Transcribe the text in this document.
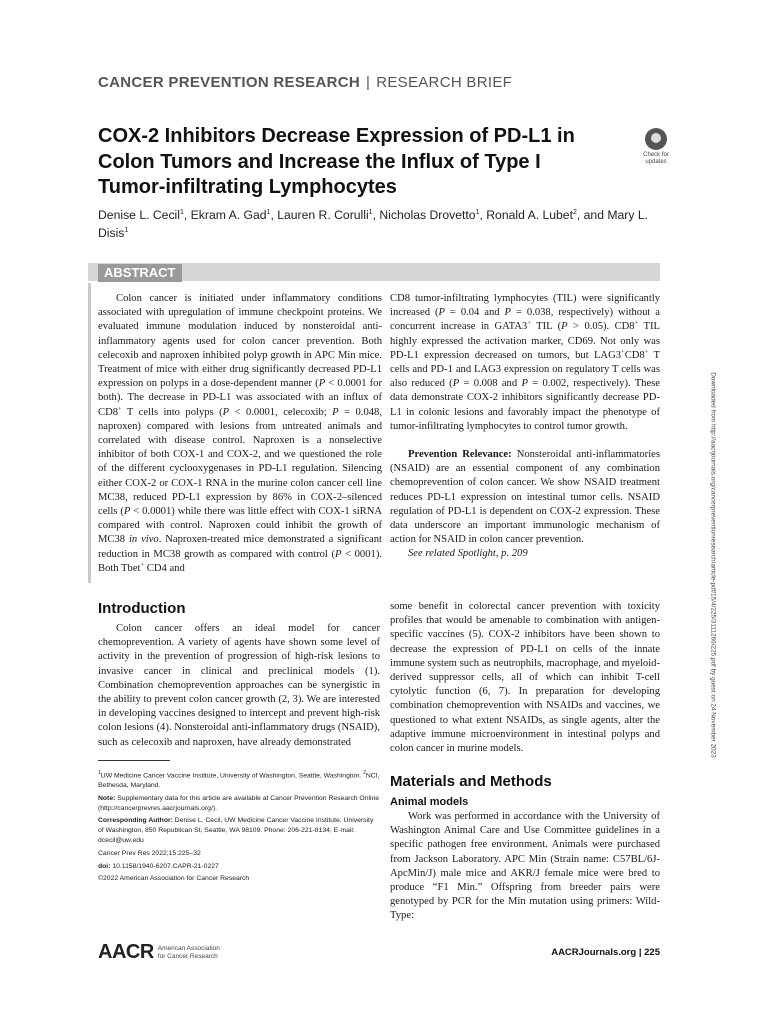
CANCER PREVENTION RESEARCH | RESEARCH BRIEF
COX-2 Inhibitors Decrease Expression of PD-L1 in Colon Tumors and Increase the Influx of Type I Tumor-infiltrating Lymphocytes
Check for updates
Denise L. Cecil$^1$, Ekram A. Gad$^1$, Lauren R. Corulli$^1$, Nicholas Drovetto$^1$, Ronald A. Lubet$^2$, and Mary L. Disis$^1$
ABSTRACT

Colon cancer is initiated under inflammatory conditions associated with upregulation of immune checkpoint proteins. We evaluated immune modulation induced by nonsteroidal anti-inflammatory agents used for colon cancer prevention. Both celecoxib and naproxen inhibited polyp growth in APC Min mice. Treatment of mice with either drug significantly decreased PD-L1 expression on polyps in a dose-dependent manner (P < 0.0001 for both). The decrease in PD-L1 was associated with an influx of CD8+ T cells into polyps (P < 0.0001, celecoxib; P = 0.048, naproxen) compared with lesions from untreated animals and correlated with disease control. Naproxen is a nonselective inhibitor of both COX-1 and COX-2, and we questioned the role of the different cyclooxygenases in PD-L1 regulation. Silencing either COX-2 or COX-1 RNA in the murine colon cancer cell line MC38, reduced PD-L1 expression by 86% in COX-2–silenced cells (P < 0.0001) while there was little effect with COX-1 siRNA compared with control. Naproxen could inhibit the growth of MC38 in vivo. Naproxen-treated mice demonstrated a significant reduction in MC38 growth as compared with control (P < 0001). Both Tbet+ CD4 and

CD8 tumor-infiltrating lymphocytes (TIL) were significantly increased (P = 0.04 and P = 0.038, respectively) without a concurrent increase in GATA3+ TIL (P > 0.05). CD8+ TIL highly expressed the activation marker, CD69. Not only was PD-L1 expression decreased on tumors, but LAG3+CD8+ T cells and PD-1 and LAG3 expression on regulatory T cells was also reduced (P = 0.008 and P = 0.002, respectively). These data demonstrate COX-2 inhibitors significantly decrease PD-L1 in colonic lesions and favorably impact the phenotype of tumor-infiltrating lymphocytes to control tumor growth.

Prevention Relevance: Nonsteroidal anti-inflammatories (NSAID) are an essential component of any combination chemoprevention of colon cancer. We show NSAID treatment reduces PD-L1 expression on intestinal tumor cells. NSAID regulation of PD-L1 is dependent on COX-2 expression. These data underscore an important immunologic mechanism of action for NSAID in colon cancer prevention.

See related Spotlight, p. 209

Introduction

Colon cancer offers an ideal model for cancer chemoprevention. A variety of agents have shown some level of activity in the prevention of progression of high-risk lesions to invasive cancer in clinical and preclinical models (1). Combination chemoprevention approaches can be synergistic in the ability to prevent colon cancer growth (2, 3). We are interested in developing vaccines designed to intercept and prevent high-risk colon lesions (4). Nonsteroidal anti-inflammatory drugs (NSAID), such as celecoxib and naproxen, have already demonstrated

some benefit in colorectal cancer prevention with toxicity profiles that would be amenable to combination with antigen-specific vaccines (5). COX-2 inhibitors have been shown to decrease the expression of PD-L1 on cells of the innate immune system such as neutrophils, macrophage, and myeloid-derived suppressor cells, all of which can inhibit T-cell cytolytic function (6, 7). In preparation for developing combination chemoprevention with NSAIDs and vaccines, we questioned to what extent NSAIDs, as single agents, alter the adaptive immune microenvironment in intestinal polyps and colon cancer in murine models.

Materials and Methods
Animal models

Work was performed in accordance with the University of Washington Animal Care and Use Committee guidelines in a specific pathogen free environment. Animals were purchased from Jackson Laboratory. APC Min (Strain name: C57BL/6J-ApcMin/J) male mice and AKR/J female mice were bred to produce “F1 Min.” Offspring from breeder pairs were genotyped by PCR for the Min mutation using primers: Wild-Type:

$^1$UW Medicine Cancer Vaccine Institute, University of Washington, Seattle, Washington. $^2$NCI, Bethesda, Maryland.

Note: Supplementary data for this article are available at Cancer Prevention Research Online (http://cancerprevres.aacrjournals.org/).

Corresponding Author: Denise L. Cecil, UW Medicine Cancer Vaccine Institute, University of Washington, 850 Republican St, Seattle, WA 98109. Phone: 206-221-8134; E-mail: dcecil@uw.edu

Cancer Prev Res 2022;15:225–32

doi: 10.1158/1940-6207.CAPR-21-0227

©2022 American Association for Cancer Research

Downloaded from http://aacrjournals.org/cancerpreventionresearch/article-pdf/15/4/225/3111266/225.pdf by guest on 24 November 2023
AACR American Association
for Cancer Research	AACRJournals.org | 225
